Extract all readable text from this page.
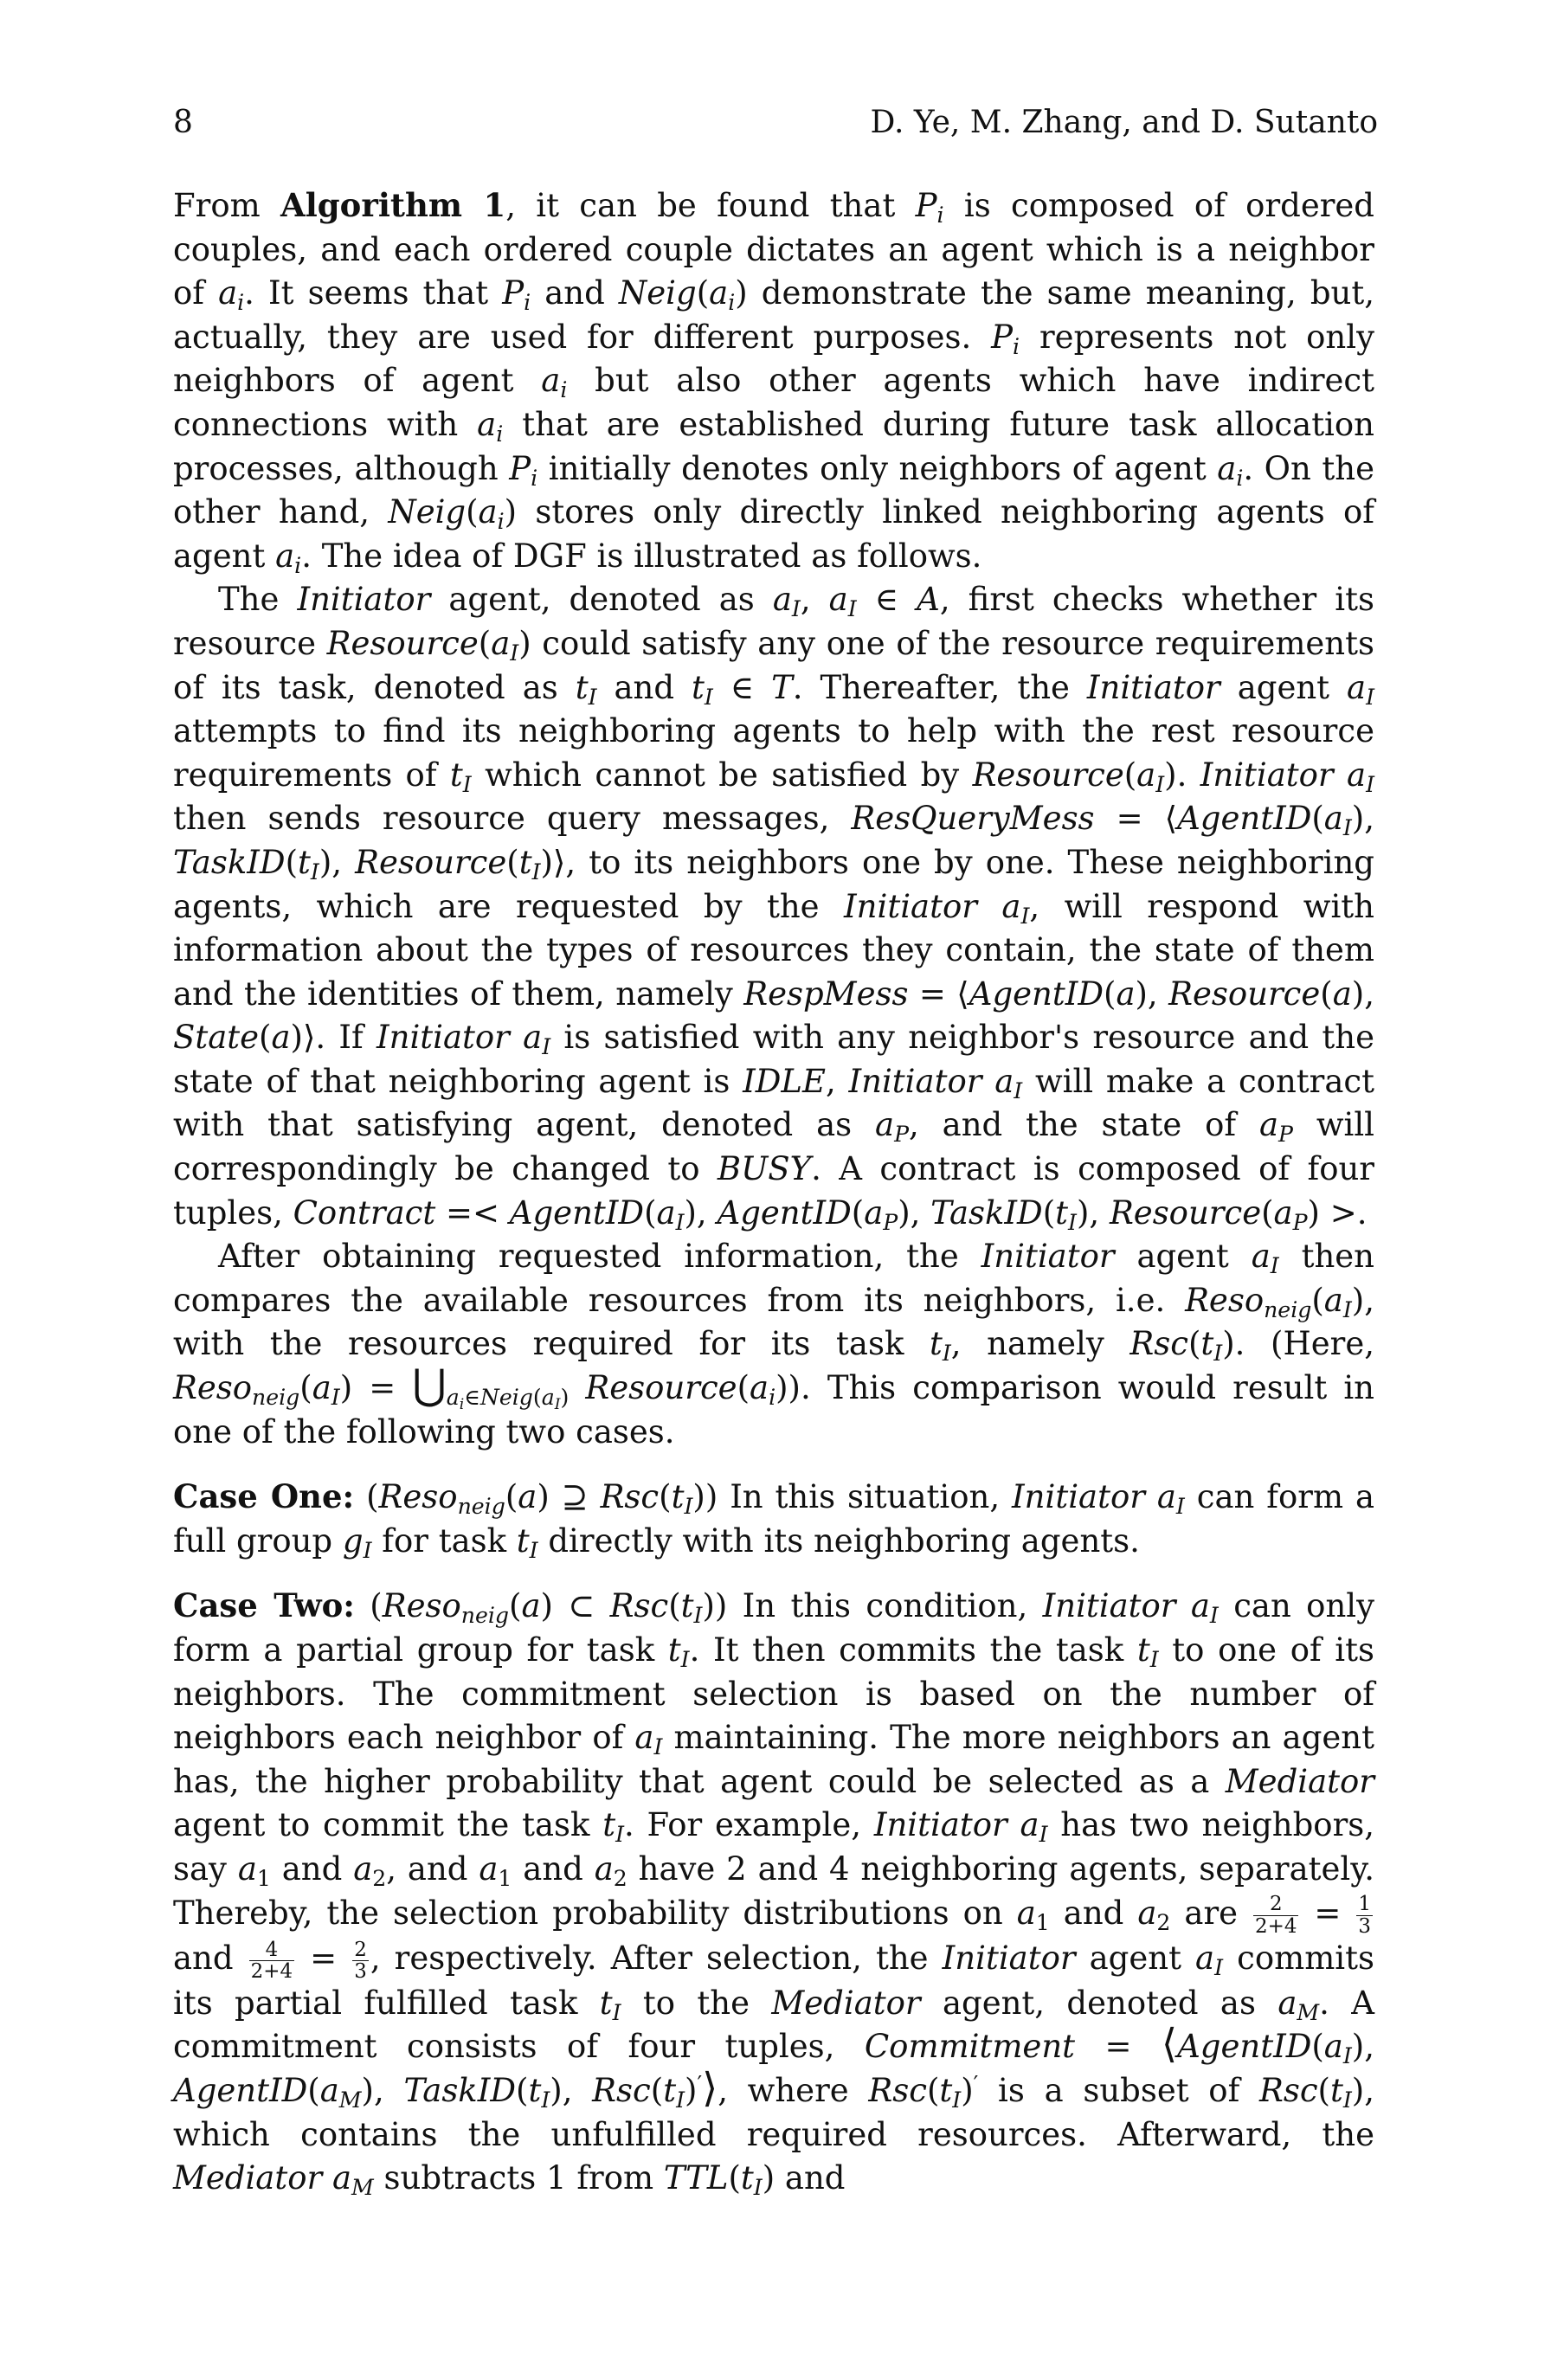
8	D. Ye, M. Zhang, and D. Sutanto

From Algorithm 1, it can be found that $P_i$ is composed of ordered couples, and each ordered couple dictates an agent which is a neighbor of $a_i$. It seems that $P_i$ and $Neig(a_i)$ demonstrate the same meaning, but, actually, they are used for different purposes. $P_i$ represents not only neighbors of agent $a_i$ but also other agents which have indirect connections with $a_i$ that are established during future task allocation processes, although $P_i$ initially denotes only neighbors of agent $a_i$. On the other hand, $Neig(a_i)$ stores only directly linked neighboring agents of agent $a_i$. The idea of DGF is illustrated as follows.

The Initiator agent, denoted as $a_I$, $a_I$ ∈ A, first checks whether its resource $Resource(a_I)$ could satisfy any one of the resource requirements of its task, denoted as $t_I$ and $t_I$ ∈ T. Thereafter, the Initiator agent $a_I$ attempts to find its neighboring agents to help with the rest resource requirements of $t_I$ which cannot be satisfied by $Resource(a_I)$. Initiator $a_I$ then sends resource query messages, ResQueryMess = $⟨AgentID(a_I)$, $TaskID(t_I)$, $Resource(t_I)⟩$, to its neighbors one by one. These neighboring agents, which are requested by the Initiator $a_I$, will respond with information about the types of resources they contain, the state of them and the identities of them, namely RespMess = ⟨AgentID(a), Resource(a), State(a)⟩. If Initiator $a_I$ is satisfied with any neighbor's resource and the state of that neighboring agent is IDLE, Initiator $a_I$ will make a contract with that satisfying agent, denoted as $a_P$, and the state of $a_P$ will correspondingly be changed to BUSY. A contract is composed of four tuples, Contract =< $AgentID(a_I)$, $AgentID(a_P)$, $TaskID(t_I)$, $Resource(a_P)$ >.

After obtaining requested information, the Initiator agent $a_I$ then compares the available resources from its neighbors, i.e. $Reso_{neig}(a_I)$, with the resources required for its task $t_I$, namely $Rsc(t_I)$. (Here, $Reso_{neig}(a_I)$ = $⋃_{a_i\in Neig(a_I)}$ $Resource(a_i)$). This comparison would result in one of the following two cases.

Case One: (Reso$_{neig}$(a) ⊇ $Rsc(t_I)$) In this situation, Initiator $a_I$ can form a full group $g_I$ for task $t_I$ directly with its neighboring agents.

Case Two: (Reso$_{neig}$(a) ⊂ $Rsc(t_I)$) In this condition, Initiator $a_I$ can only form a partial group for task $t_I$. It then commits the task $t_I$ to one of its neighbors. The commitment selection is based on the number of neighbors each neighbor of $a_I$ maintaining. The more neighbors an agent has, the higher probability that agent could be selected as a Mediator agent to commit the task $t_I$. For example, Initiator $a_I$ has two neighbors, say $a_1$ and $a_2$, and $a_1$ and $a_2$ have 2 and 4 neighboring agents, separately. Thereby, the selection probability distributions on $a_1$ and $a_2$ are $\frac{2}{2+4} = \frac{1}{3}$
and $\frac{4}{2+4} = \frac{2}{3}$ , respectively. After selection, the Initiator agent $a_I$ commits its partial fulfilled task $t_I$ to the Mediator agent, denoted as $a_M$. A commitment consists of four tuples, Commitment = $⟨AgentID(a_I)$, $AgentID(a_M)$, $TaskID(t_I)$, $Rsc(t_I)'⟩$, where $Rsc(t_I)'$ is a subset of $Rsc(t_I)$, which contains the unfulfilled required resources. Afterward, the Mediator $a_M$ subtracts 1 from $TTL(t_I)$ and
